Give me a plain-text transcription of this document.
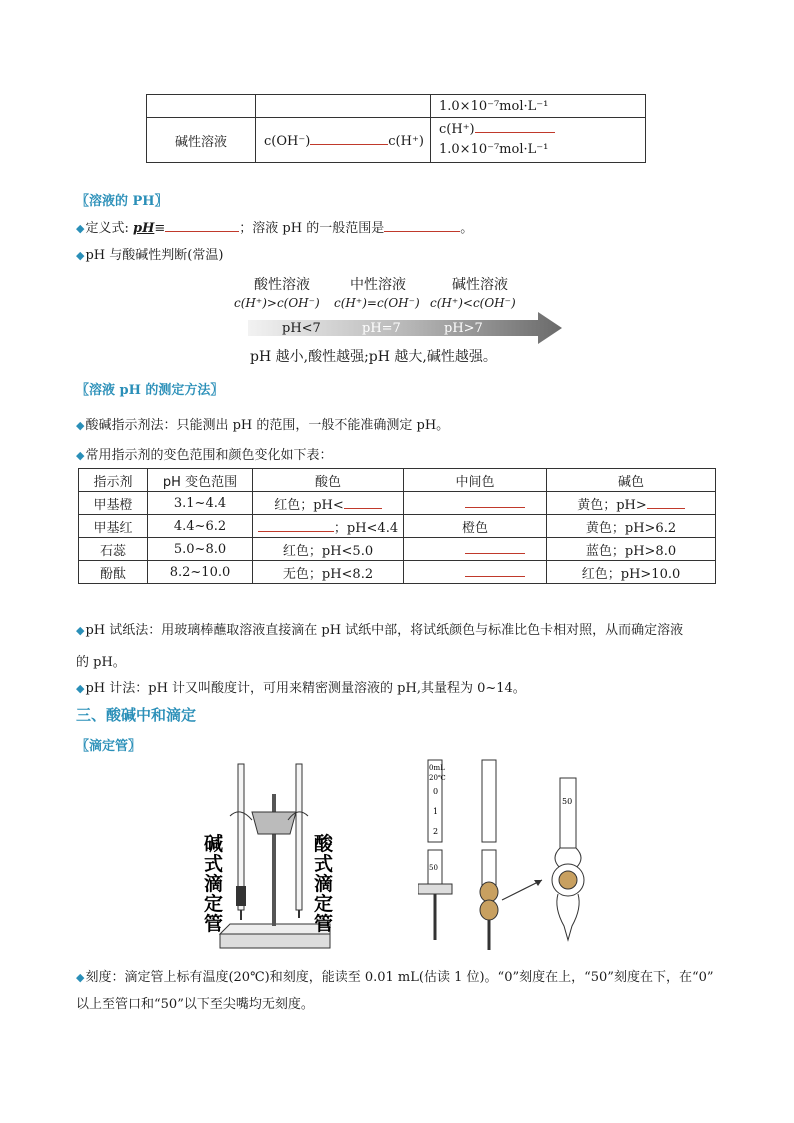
		1.0×10⁻⁷mol·L⁻¹
碱性溶液	c(OH⁻) c(H⁺)	c(H⁺)
1.0×10⁻⁷mol·L⁻¹
〖溶液的 PH〗
◆定义式: pH≡	；溶液 pH 的一般范围是	。
◆pH 与酸碱性判断(常温)
酸性溶液	中性溶液	碱性溶液
c(H⁺)>c(OH⁻) c(H⁺)=c(OH⁻) c(H⁺)<c(OH⁻)
pH<7	pH=7	pH>7
pH 越小,酸性越强;pH 越大,碱性越强。
〖溶液 pH 的测定方法〗
◆酸碱指示剂法：只能测出 pH 的范围，一般不能准确测定 pH。
◆常用指示剂的变色范围和颜色变化如下表：
指示剂	pH 变色范围	酸色	中间色	碱色
甲基橙	3.1~4.4	红色；pH<		黄色；pH>
甲基红	4.4~6.2	；pH<4.4	橙色	黄色；pH>6.2
石蕊	5.0~8.0	红色；pH<5.0		蓝色；pH>8.0
酚酞	8.2~10.0	无色；pH<8.2		红色；pH>10.0
◆pH 试纸法：用玻璃棒蘸取溶液直接滴在 pH 试纸中部，将试纸颜色与标准比色卡相对照，从而确定溶液
的 pH。
◆pH 计法：pH 计又叫酸度计，可用来精密测量溶液的 pH,其量程为 0~14。
三、酸碱中和滴定
〖滴定管〗
碱式滴定管
酸式滴定管
0mL
20℃
0
1
2
50
50
◆刻度：滴定管上标有温度(20℃)和刻度，能读至 0.01 mL(估读 1 位)。“0”刻度在上，“50”刻度在下，在“0”
以上至管口和“50”以下至尖嘴均无刻度。
